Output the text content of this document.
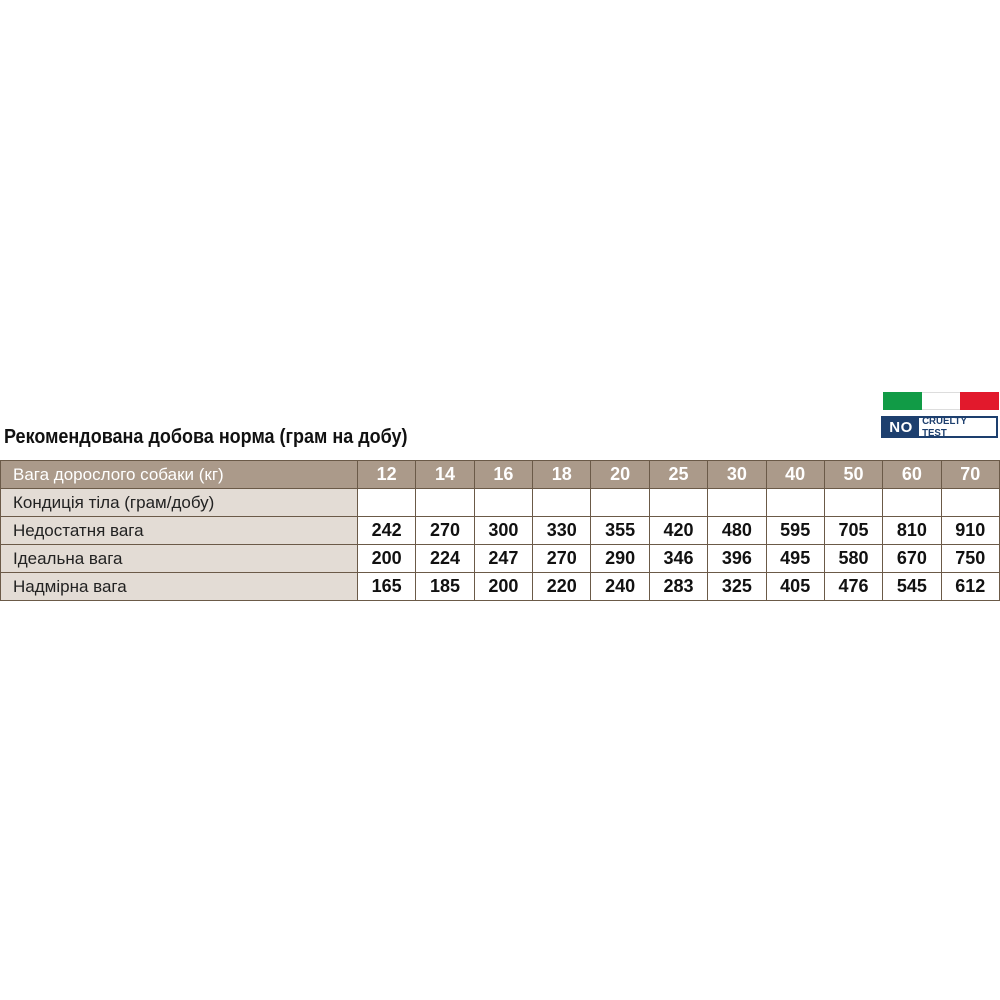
NO CRUELTY TEST
Рекомендована добова норма (грам на добу)
Вага дорослого собаки (кг)	12	14	16	18	20	25	30	40	50	60	70
Кондиція тіла (грам/добу)											
Недостатня вага	242	270	300	330	355	420	480	595	705	810	910
Ідеальна вага	200	224	247	270	290	346	396	495	580	670	750
Надмірна вага	165	185	200	220	240	283	325	405	476	545	612
